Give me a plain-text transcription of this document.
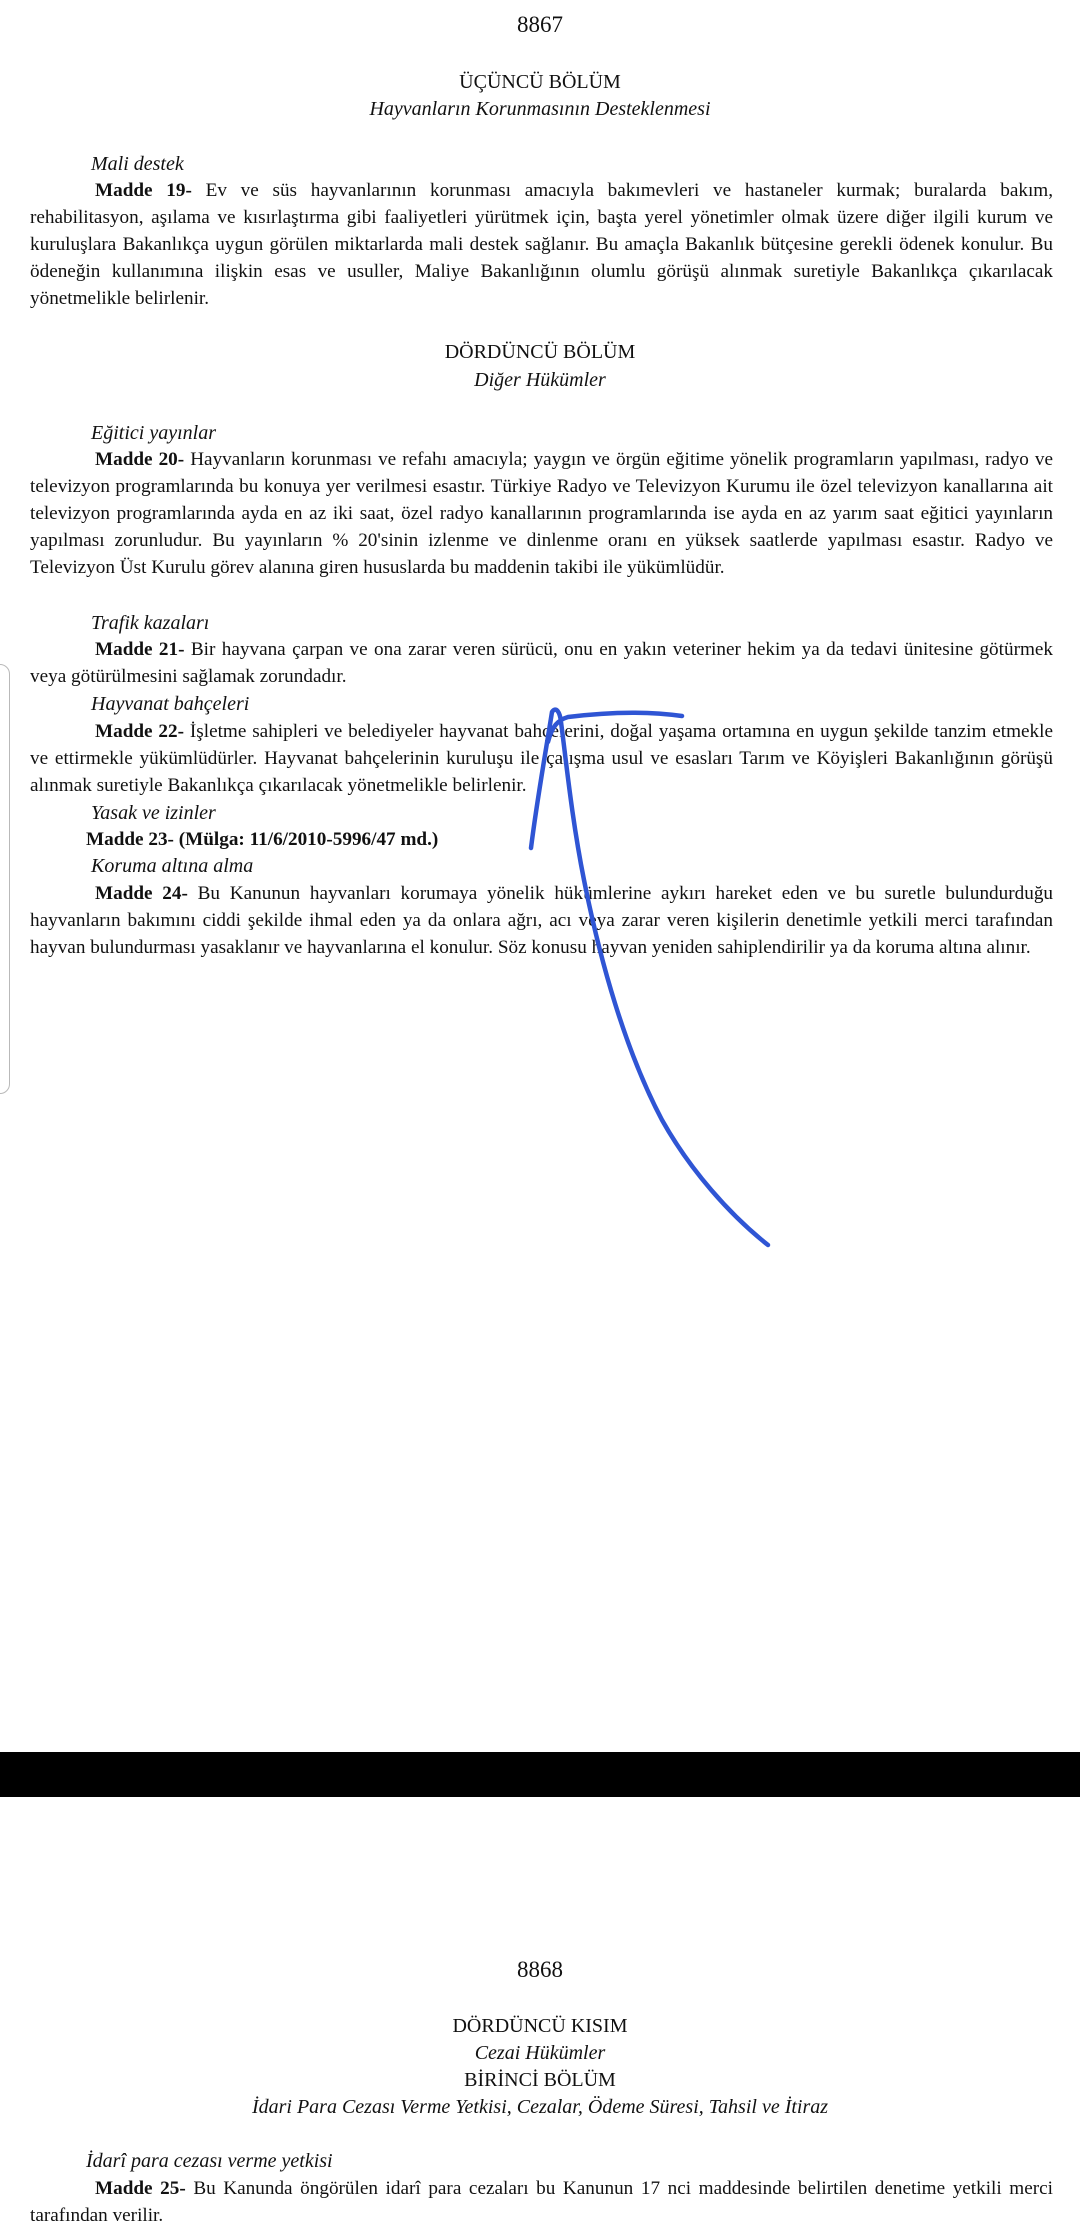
8867
ÜÇÜNCÜ BÖLÜM
Hayvanların Korunmasının Desteklenmesi
Mali destek

Madde 19- Ev ve süs hayvanlarının korunması amacıyla bakımevleri ve hastaneler kurmak; buralarda bakım, rehabilitasyon, aşılama ve kısırlaştırma gibi faaliyetleri yürütmek için, başta yerel yönetimler olmak üzere diğer ilgili kurum ve kuruluşlara Bakanlıkça uygun görülen miktarlarda mali destek sağlanır. Bu amaçla Bakanlık bütçesine gerekli ödenek konulur. Bu ödeneğin kullanımına ilişkin esas ve usuller, Maliye Bakanlığının olumlu görüşü alınmak suretiyle Bakanlıkça çıkarılacak yönetmelikle belirlenir.

DÖRDÜNCÜ BÖLÜM
Diğer Hükümler
Eğitici yayınlar

Madde 20- Hayvanların korunması ve refahı amacıyla; yaygın ve örgün eğitime yönelik programların yapılması, radyo ve televizyon programlarında bu konuya yer verilmesi esastır. Türkiye Radyo ve Televizyon Kurumu ile özel televizyon kanallarına ait televizyon programlarında ayda en az iki saat, özel radyo kanallarının programlarında ise ayda en az yarım saat eğitici yayınların yapılması zorunludur. Bu yayınların % 20'sinin izlenme ve dinlenme oranı en yüksek saatlerde yapılması esastır. Radyo ve Televizyon Üst Kurulu görev alanına giren hususlarda bu maddenin takibi ile yükümlüdür.

Trafik kazaları

Madde 21- Bir hayvana çarpan ve ona zarar veren sürücü, onu en yakın veteriner hekim ya da tedavi ünitesine götürmek veya götürülmesini sağlamak zorundadır.

Hayvanat bahçeleri

Madde 22- İşletme sahipleri ve belediyeler hayvanat bahçelerini, doğal yaşama ortamına en uygun şekilde tanzim etmekle ve ettirmekle yükümlüdürler. Hayvanat bahçelerinin kuruluşu ile çalışma usul ve esasları Tarım ve Köyişleri Bakanlığının görüşü alınmak suretiyle Bakanlıkça çıkarılacak yönetmelikle belirlenir.

Yasak ve izinler
Madde 23- (Mülga: 11/6/2010-5996/47 md.)
Koruma altına alma

Madde 24- Bu Kanunun hayvanları korumaya yönelik hükümlerine aykırı hareket eden ve bu suretle bulundurduğu hayvanların bakımını ciddi şekilde ihmal eden ya da onlara ağrı, acı veya zarar veren kişilerin denetimle yetkili merci tarafından hayvan bulundurması yasaklanır ve hayvanlarına el konulur. Söz konusu hayvan yeniden sahiplendirilir ya da koruma altına alınır.

8868
DÖRDÜNCÜ KISIM
Cezai Hükümler
BİRİNCİ BÖLÜM
İdari Para Cezası Verme Yetkisi, Cezalar, Ödeme Süresi, Tahsil ve İtiraz
İdarî para cezası verme yetkisi

Madde 25- Bu Kanunda öngörülen idarî para cezaları bu Kanunun 17 nci maddesinde belirtilen denetime yetkili merci tarafından verilir.
